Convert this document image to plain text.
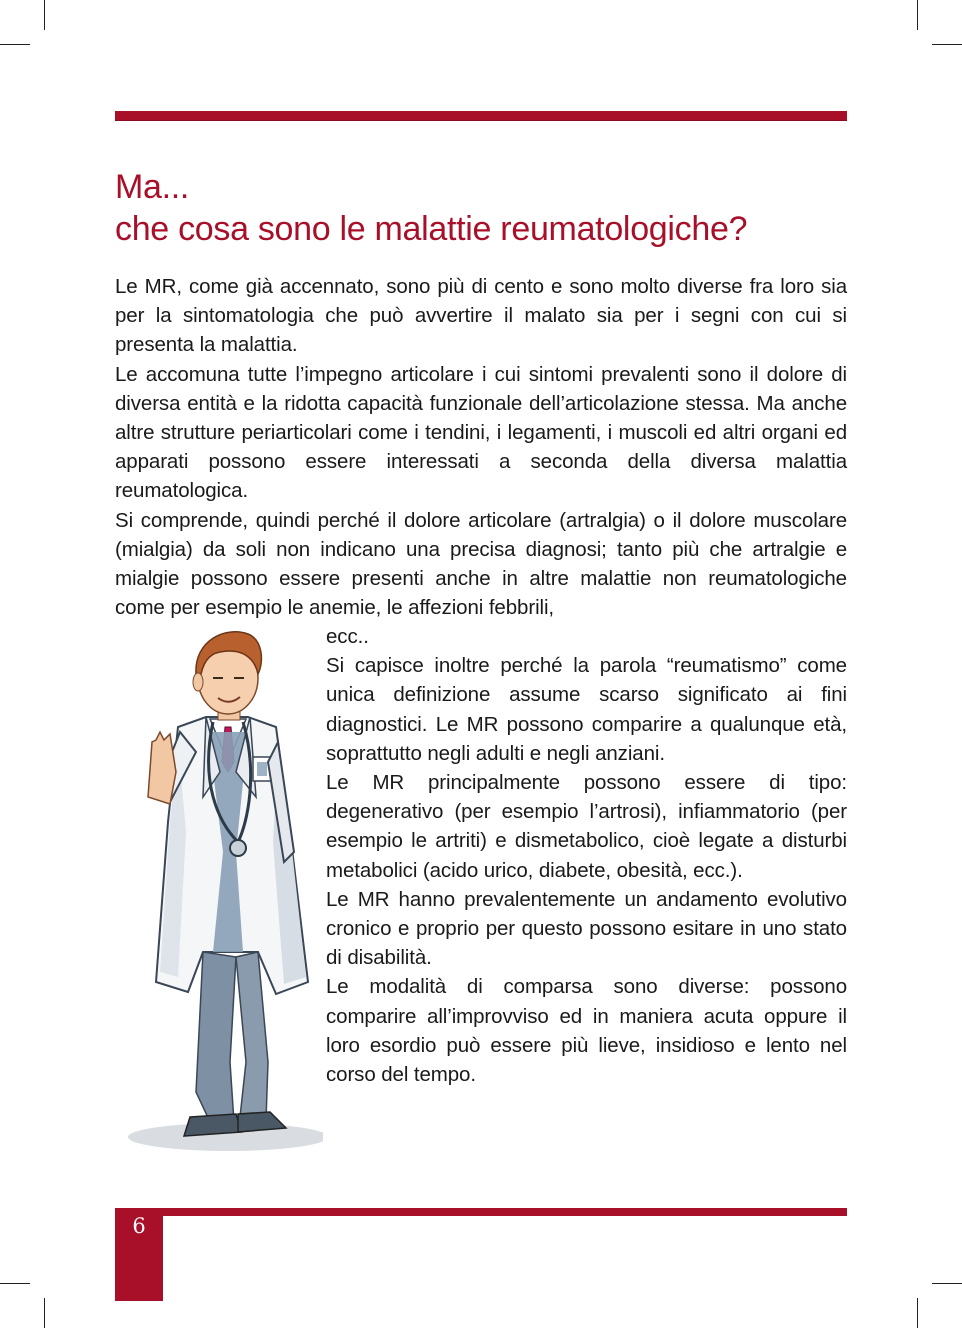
Ma...
che cosa sono le malattie reumatologiche?

Le MR, come già accennato, sono più di cento e sono molto diverse fra loro sia per la sintomatologia che può avvertire il malato sia per i segni con cui si presenta la malattia.

Le accomuna tutte l’impegno articolare i cui sintomi prevalenti sono il dolore di diversa entità e la ridotta capacità funzionale dell’articolazione stessa. Ma anche altre strutture periarticolari come i tendini, i legamenti, i muscoli ed altri organi ed apparati possono essere interessati a seconda della diversa malattia reumatologica.

Si comprende, quindi perché il dolore articolare (artralgia) o il dolore muscolare (mialgia) da soli non indicano una precisa diagnosi; tanto più che artralgie e mialgie possono essere presenti anche in altre malattie non reumatologiche come per esempio le anemie, le affezioni febbrili,

ecc..

Si capisce inoltre perché la parola “reumatismo” come unica definizione assume scarso significato ai fini diagnostici. Le MR possono comparire a qualunque età, soprattutto negli adulti e negli anziani.

Le MR principalmente possono essere di tipo: degenerativo (per esempio l’artrosi), infiammatorio (per esempio le artriti) e dismetabolico, cioè legate a disturbi metabolici (acido urico, diabete, obesità, ecc.).

Le MR hanno prevalentemente un andamento evolutivo cronico e proprio per questo possono esitare in uno stato di disabilità.

Le modalità di comparsa sono diverse: possono comparire all’improvviso ed in maniera acuta oppure il loro esordio può essere più lieve, insidioso e lento nel corso del tempo.

6
